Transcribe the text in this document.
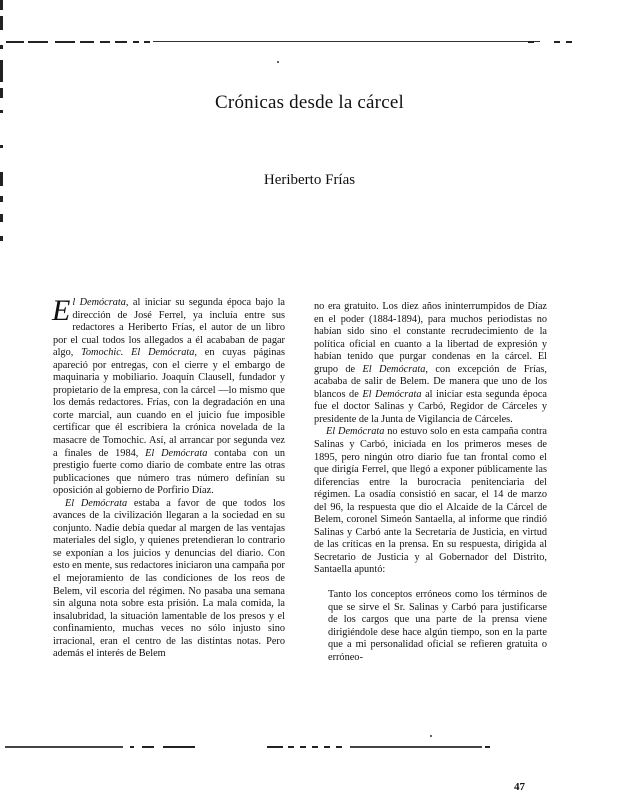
Crónicas desde la cárcel
Heriberto Frías

El Demócrata, al iniciar su segunda época bajo la dirección de José Ferrel, ya incluía entre sus redactores a Heriberto Frías, el autor de un libro por el cual todos los allegados a él acababan de pagar algo, Tomochic. El Demócrata, en cuyas páginas apareció por entregas, con el cierre y el embargo de maquinaria y mobiliario. Joaquín Clausell, fundador y propietario de la empresa, con la cárcel —lo mismo que los demás redactores. Frías, con la degradación en una corte marcial, aun cuando en el juicio fue imposible certificar que él escribiera la crónica novelada de la masacre de Tomochic. Así, al arrancar por segunda vez a finales de 1984, El Demócrata contaba con un prestigio fuerte como diario de combate entre las otras publicaciones que número tras número definían su oposición al gobierno de Porfirio Díaz.

El Demócrata estaba a favor de que todos los avances de la civilización llegaran a la sociedad en su conjunto. Nadie debía quedar al margen de las ventajas materiales del siglo, y quienes pretendieran lo contrario se exponían a los juicios y denuncias del diario. Con esto en mente, sus redactores iniciaron una campaña por el mejoramiento de las condiciones de los reos de Belem, vil escoria del régimen. No pasaba una semana sin alguna nota sobre esta prisión. La mala comida, la insalubridad, la situación lamentable de los presos y el confinamiento, muchas veces no sólo injusto sino irracional, eran el centro de las distintas notas. Pero además el interés de Belem

no era gratuito. Los diez años ininterrumpidos de Díaz en el poder (1884-1894), para muchos periodistas no habían sido sino el constante recrudecimiento de la política oficial en cuanto a la libertad de expresión y habían tenido que purgar condenas en la cárcel. El grupo de El Demócrata, con excepción de Frías, acababa de salir de Belem. De manera que uno de los blancos de El Demócrata al iniciar esta segunda época fue el doctor Salinas y Carbó, Regidor de Cárceles y presidente de la Junta de Vigilancia de Cárceles.

El Demócrata no estuvo solo en esta campaña contra Salinas y Carbó, iniciada en los primeros meses de 1895, pero ningún otro diario fue tan frontal como el que dirigía Ferrel, que llegó a exponer públicamente las diferencias entre la burocracia penitenciaria del régimen. La osadía consistió en sacar, el 14 de marzo del 96, la respuesta que dio el Alcaide de la Cárcel de Belem, coronel Simeón Santaella, al informe que rindió Salinas y Carbó ante la Secretaría de Justicia, en virtud de las críticas en la prensa. En su respuesta, dirigida al Secretario de Justicia y al Gobernador del Distrito, Santaella apuntó:

Tanto los conceptos erróneos como los términos de que se sirve el Sr. Salinas y Carbó para justificarse de los cargos que una parte de la prensa viene dirigiéndole dese hace algún tiempo, son en la parte que a mi personalidad oficial se refieren gratuita o erróneo-

47
